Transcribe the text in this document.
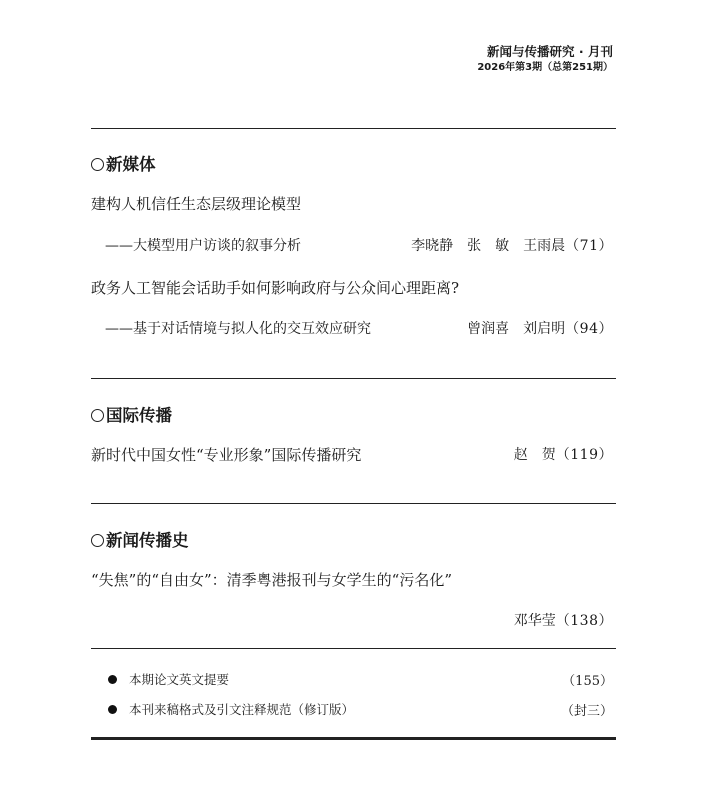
新闻与传播研究 · 月刊
2026年第3期（总第251期）
新媒体
建构人机信任生态层级理论模型
——大模型用户访谈的叙事分析	李晓静　张　敏　王雨晨（71）
政务人工智能会话助手如何影响政府与公众间心理距离?
——基于对话情境与拟人化的交互效应研究	曾润喜　刘启明（94）
国际传播
新时代中国女性“专业形象”国际传播研究	赵　贺（119）
新闻传播史
“失焦”的“自由女”：清季粤港报刊与女学生的“污名化”
邓华莹（138）
本期论文英文提要	（155）
本刊来稿格式及引文注释规范（修订版）	（封三）
